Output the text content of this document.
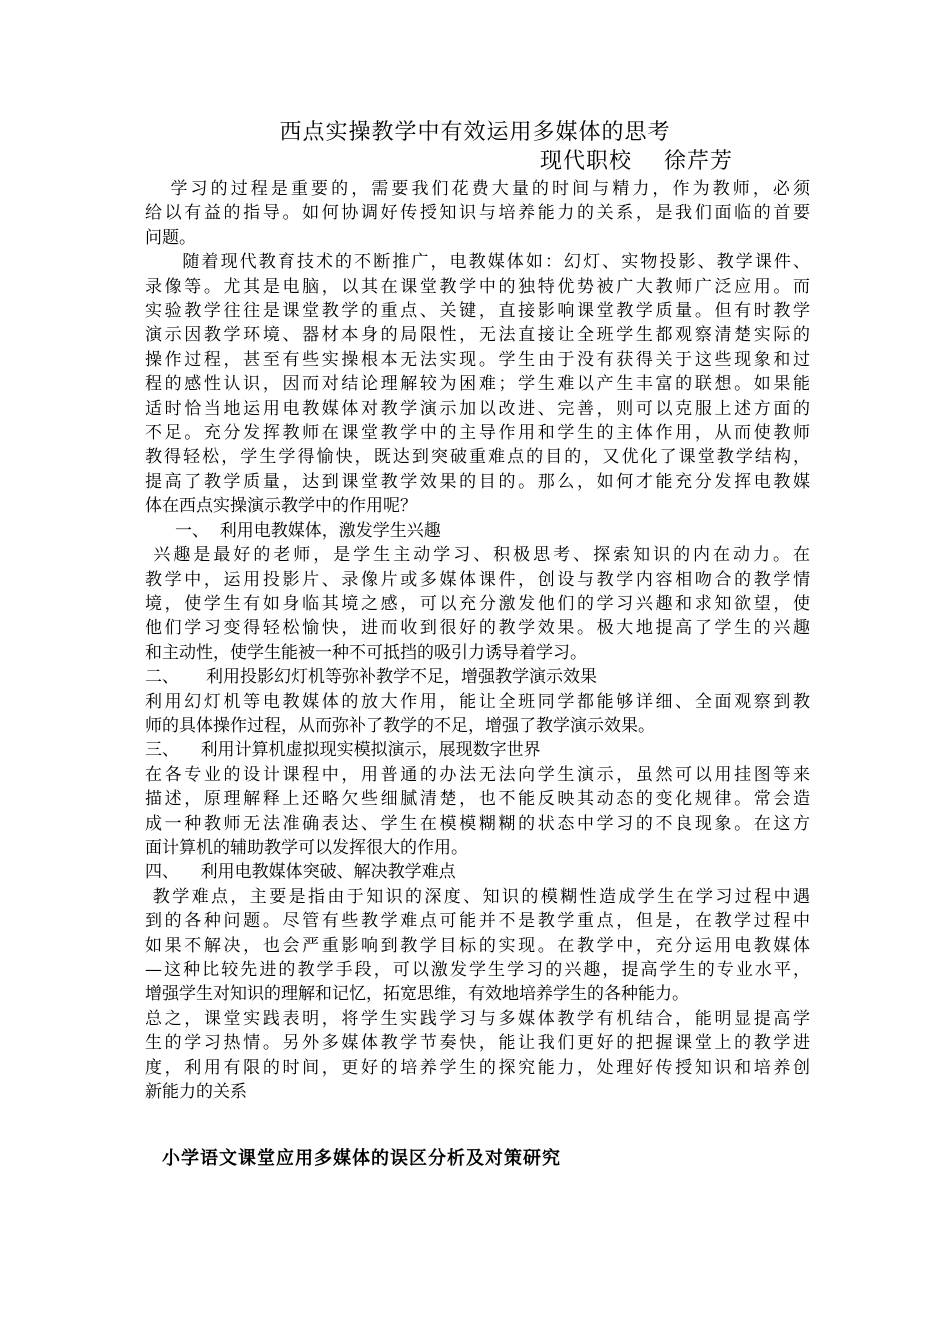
西点实操教学中有效运用多媒体的思考
现代职校    徐芹芳
学习的过程是重要的，需要我们花费大量的时间与精力，作为教师，必须
给以有益的指导。如何协调好传授知识与培养能力的关系，是我们面临的首要
问题。
随着现代教育技术的不断推广，电教媒体如：幻灯、实物投影、教学课件、
录像等。尤其是电脑，以其在课堂教学中的独特优势被广大教师广泛应用。而
实验教学往往是课堂教学的重点、关键，直接影响课堂教学质量。但有时教学
演示因教学环境、器材本身的局限性，无法直接让全班学生都观察清楚实际的
操作过程，甚至有些实操根本无法实现。学生由于没有获得关于这些现象和过
程的感性认识，因而对结论理解较为困难；学生难以产生丰富的联想。如果能
适时恰当地运用电教媒体对教学演示加以改进、完善，则可以克服上述方面的
不足。充分发挥教师在课堂教学中的主导作用和学生的主体作用，从而使教师
教得轻松，学生学得愉快，既达到突破重难点的目的，又优化了课堂教学结构，
提高了教学质量，达到课堂教学效果的目的。那么，如何才能充分发挥电教媒
体在西点实操演示教学中的作用呢？
一、  利用电教媒体，激发学生兴趣
兴趣是最好的老师，是学生主动学习、积极思考、探索知识的内在动力。在
教学中，运用投影片、录像片或多媒体课件，创设与教学内容相吻合的教学情
境，使学生有如身临其境之感，可以充分激发他们的学习兴趣和求知欲望，使
他们学习变得轻松愉快，进而收到很好的教学效果。极大地提高了学生的兴趣
和主动性，使学生能被一种不可抵挡的吸引力诱导着学习。
二、     利用投影幻灯机等弥补教学不足，增强教学演示效果
利用幻灯机等电教媒体的放大作用，能让全班同学都能够详细、全面观察到教
师的具体操作过程，从而弥补了教学的不足，增强了教学演示效果。
三、    利用计算机虚拟现实模拟演示，展现数字世界
在各专业的设计课程中，用普通的办法无法向学生演示，虽然可以用挂图等来
描述，原理解释上还略欠些细腻清楚，也不能反映其动态的变化规律。常会造
成一种教师无法准确表达、学生在模模糊糊的状态中学习的不良现象。在这方
面计算机的辅助教学可以发挥很大的作用。
四、    利用电教媒体突破、解决教学难点
教学难点，主要是指由于知识的深度、知识的模糊性造成学生在学习过程中遇
到的各种问题。尽管有些教学难点可能并不是教学重点，但是，在教学过程中
如果不解决，也会严重影响到教学目标的实现。在教学中，充分运用电教媒体
—这种比较先进的教学手段，可以激发学生学习的兴趣，提高学生的专业水平，
增强学生对知识的理解和记忆，拓宽思维，有效地培养学生的各种能力。
总之，课堂实践表明，将学生实践学习与多媒体教学有机结合，能明显提高学
生的学习热情。另外多媒体教学节奏快，能让我们更好的把握课堂上的教学进
度，利用有限的时间，更好的培养学生的探究能力，处理好传授知识和培养创
新能力的关系
小学语文课堂应用多媒体的误区分析及对策研究
